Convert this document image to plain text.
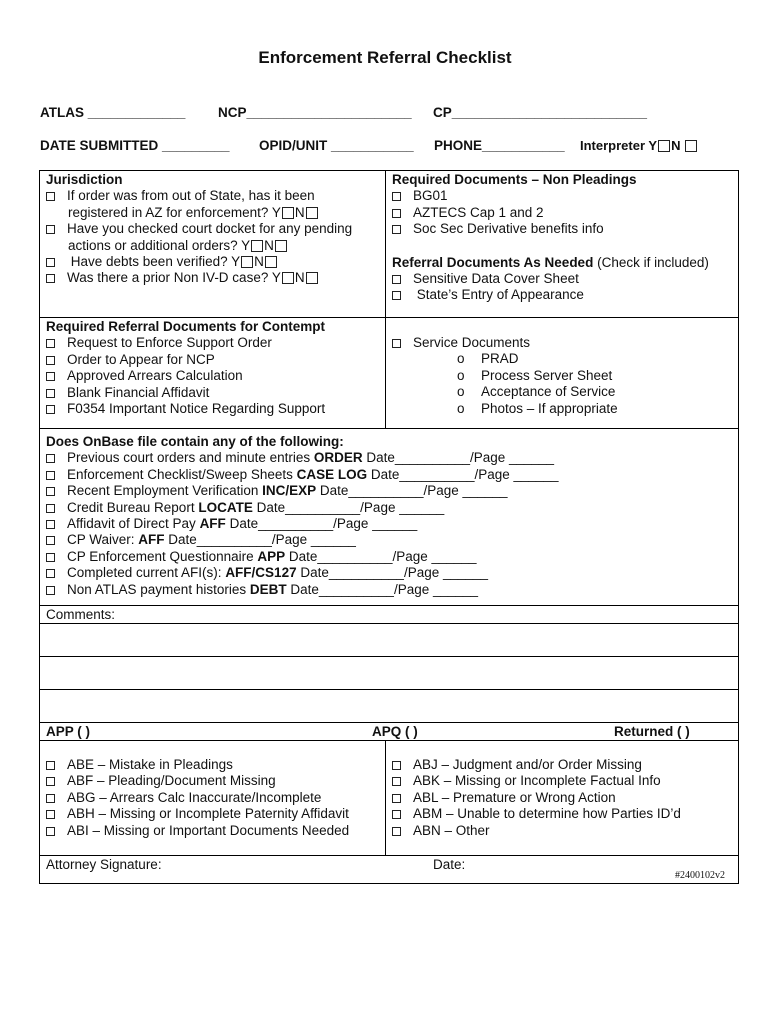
Enforcement Referral Checklist
ATLAS _____________ NCP______________________ CP__________________________
DATE SUBMITTED _________ OPID/UNIT ___________ PHONE___________ Interpreter Y N
Jurisdiction
If order was from out of State, has it been
registered in AZ for enforcement? Y N
Have you checked court docket for any pending
actions or additional orders? Y N
Have debts been verified? Y N
Was there a prior Non IV-D case? Y N
Required Documents – Non Pleadings
BG01
AZTECS Cap 1 and 2
Soc Sec Derivative benefits info
Referral Documents As Needed (Check if included)
Sensitive Data Cover Sheet
State’s Entry of Appearance
Required Referral Documents for Contempt
Request to Enforce Support Order
Order to Appear for NCP
Approved Arrears Calculation
Blank Financial Affidavit
F0354 Important Notice Regarding Support
Service Documents
o PRAD
o Process Server Sheet
o Acceptance of Service
o Photos – If appropriate
Does OnBase file contain any of the following:
Previous court orders and minute entries ORDER Date__________/Page ______
Enforcement Checklist/Sweep Sheets CASE LOG Date__________/Page ______
Recent Employment Verification INC/EXP Date__________/Page ______
Credit Bureau Report LOCATE Date__________/Page ______
Affidavit of Direct Pay AFF Date__________/Page ______
CP Waiver: AFF Date__________/Page ______
CP Enforcement Questionnaire APP Date__________/Page ______
Completed current AFI(s): AFF/CS127 Date__________/Page ______
Non ATLAS payment histories DEBT Date__________/Page ______
Comments:
APP ( )	APQ ( )	Returned ( )
ABE – Mistake in Pleadings
ABF – Pleading/Document Missing
ABG – Arrears Calc Inaccurate/Incomplete
ABH – Missing or Incomplete Paternity Affidavit
ABI – Missing or Important Documents Needed
ABJ – Judgment and/or Order Missing
ABK – Missing or Incomplete Factual Info
ABL – Premature or Wrong Action
ABM – Unable to determine how Parties ID’d
ABN – Other
Attorney Signature:	Date:
#2400102v2
